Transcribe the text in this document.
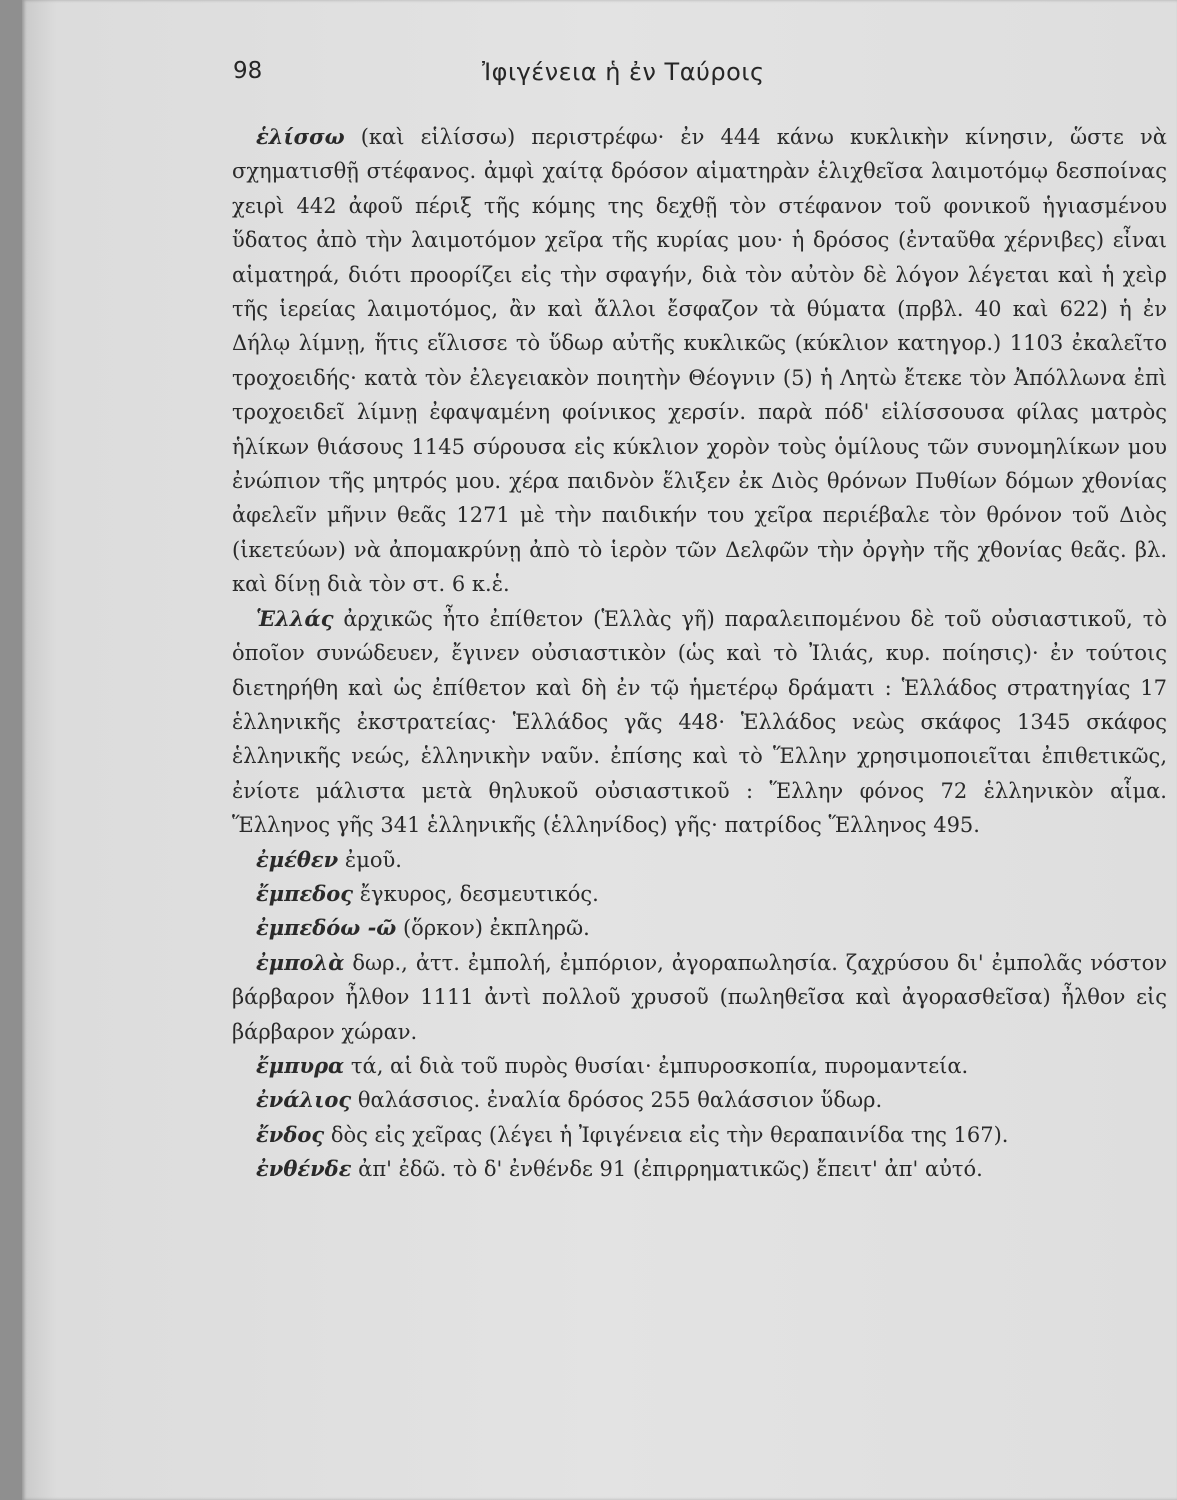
98	Ἰφιγένεια ἡ ἐν Ταύροις

ἑλίσσω (καὶ εἱλίσσω) περιστρέφω· ἐν 444 κάνω κυκλικὴν κίνησιν, ὥστε νὰ σχηματισθῇ στέφανος. ἀμφὶ χαίτᾳ δρόσον αἱματηρὰν ἑλιχθεῖσα λαιμοτόμῳ δεσποίνας χειρὶ 442 ἀφοῦ πέριξ τῆς κόμης της δεχθῇ τὸν στέφανον τοῦ φονικοῦ ἡγιασμένου ὕδατος ἀπὸ τὴν λαιμοτόμον χεῖρα τῆς κυρίας μου· ἡ δρόσος (ἐνταῦθα χέρνιβες) εἶναι αἱματηρά, διότι προορίζει εἰς τὴν σφαγήν, διὰ τὸν αὐτὸν δὲ λόγον λέγεται καὶ ἡ χεὶρ τῆς ἱερείας λαιμοτόμος, ἂν καὶ ἄλλοι ἔσφαζον τὰ θύματα (πρβλ. 40 καὶ 622) ἡ ἐν Δήλῳ λίμνῃ, ἥτις εἵλισσε τὸ ὕδωρ αὐτῆς κυκλικῶς (κύκλιον κατηγορ.) 1103 ἐκαλεῖτο τροχοειδής· κατὰ τὸν ἐλεγειακὸν ποιητὴν Θέογνιν (5) ἡ Λητὼ ἔτεκε τὸν Ἀπόλλωνα ἐπὶ τροχοειδεῖ λίμνῃ ἐφαψαμένη φοίνικος χερσίν. παρὰ πόδ' εἱλίσσουσα φίλας ματρὸς ἡλίκων θιάσους 1145 σύρουσα εἰς κύκλιον χορὸν τοὺς ὁμίλους τῶν συνομηλίκων μου ἐνώπιον τῆς μητρός μου. χέρα παιδνὸν ἕλιξεν ἐκ Διὸς θρόνων Πυθίων δόμων χθονίας ἀφελεῖν μῆνιν θεᾶς 1271 μὲ τὴν παιδικήν του χεῖρα περιέβαλε τὸν θρόνον τοῦ Διὸς (ἱκετεύων) νὰ ἀπομακρύνῃ ἀπὸ τὸ ἱερὸν τῶν Δελφῶν τὴν ὀργὴν τῆς χθονίας θεᾶς. βλ. καὶ δίνῃ διὰ τὸν στ. 6 κ.ἑ.

Ἑλλάς ἀρχικῶς ἦτο ἐπίθετον (Ἑλλὰς γῆ) παραλειπομένου δὲ τοῦ οὐσιαστικοῦ, τὸ ὁποῖον συνώδευεν, ἔγινεν οὐσιαστικὸν (ὡς καὶ τὸ Ἰλιάς, κυρ. ποίησις)· ἐν τούτοις διετηρήθη καὶ ὡς ἐπίθετον καὶ δὴ ἐν τῷ ἡμετέρῳ δράματι : Ἑλλάδος στρατηγίας 17 ἑλληνικῆς ἐκστρατείας· Ἑλλάδος γᾶς 448· Ἑλλάδος νεὼς σκάφος 1345 σκάφος ἑλληνικῆς νεώς, ἑλληνικὴν ναῦν. ἐπίσης καὶ τὸ Ἕλλην χρησιμοποιεῖται ἐπιθετικῶς, ἐνίοτε μάλιστα μετὰ θηλυκοῦ οὐσιαστικοῦ : Ἕλλην φόνος 72 ἑλληνικὸν αἷμα. Ἕλληνος γῆς 341 ἑλληνικῆς (ἑλληνίδος) γῆς· πατρίδος Ἕλληνος 495.

ἐμέθεν ἐμοῦ.

ἔμπεδος ἔγκυρος, δεσμευτικός.

ἐμπεδόω -ῶ (ὅρκον) ἐκπληρῶ.

ἐμπολὰ δωρ., ἀττ. ἐμπολή, ἐμπόριον, ἀγοραπωλησία. ζαχρύσου δι' ἐμπολᾶς νόστον βάρβαρον ἦλθον 1111 ἀντὶ πολλοῦ χρυσοῦ (πωληθεῖσα καὶ ἀγορασθεῖσα) ἦλθον εἰς βάρβαρον χώραν.

ἔμπυρα τά, αἱ διὰ τοῦ πυρὸς θυσίαι· ἐμπυροσκοπία, πυρομαντεία.

ἐνάλιος θαλάσσιος. ἐναλία δρόσος 255 θαλάσσιον ὕδωρ.

ἔνδος δὸς εἰς χεῖρας (λέγει ἡ Ἰφιγένεια εἰς τὴν θεραπαινίδα της 167).

ἐνθένδε ἀπ' ἐδῶ. τὸ δ' ἐνθένδε 91 (ἐπιρρηματικῶς) ἔπειτ' ἀπ' αὐτό.
